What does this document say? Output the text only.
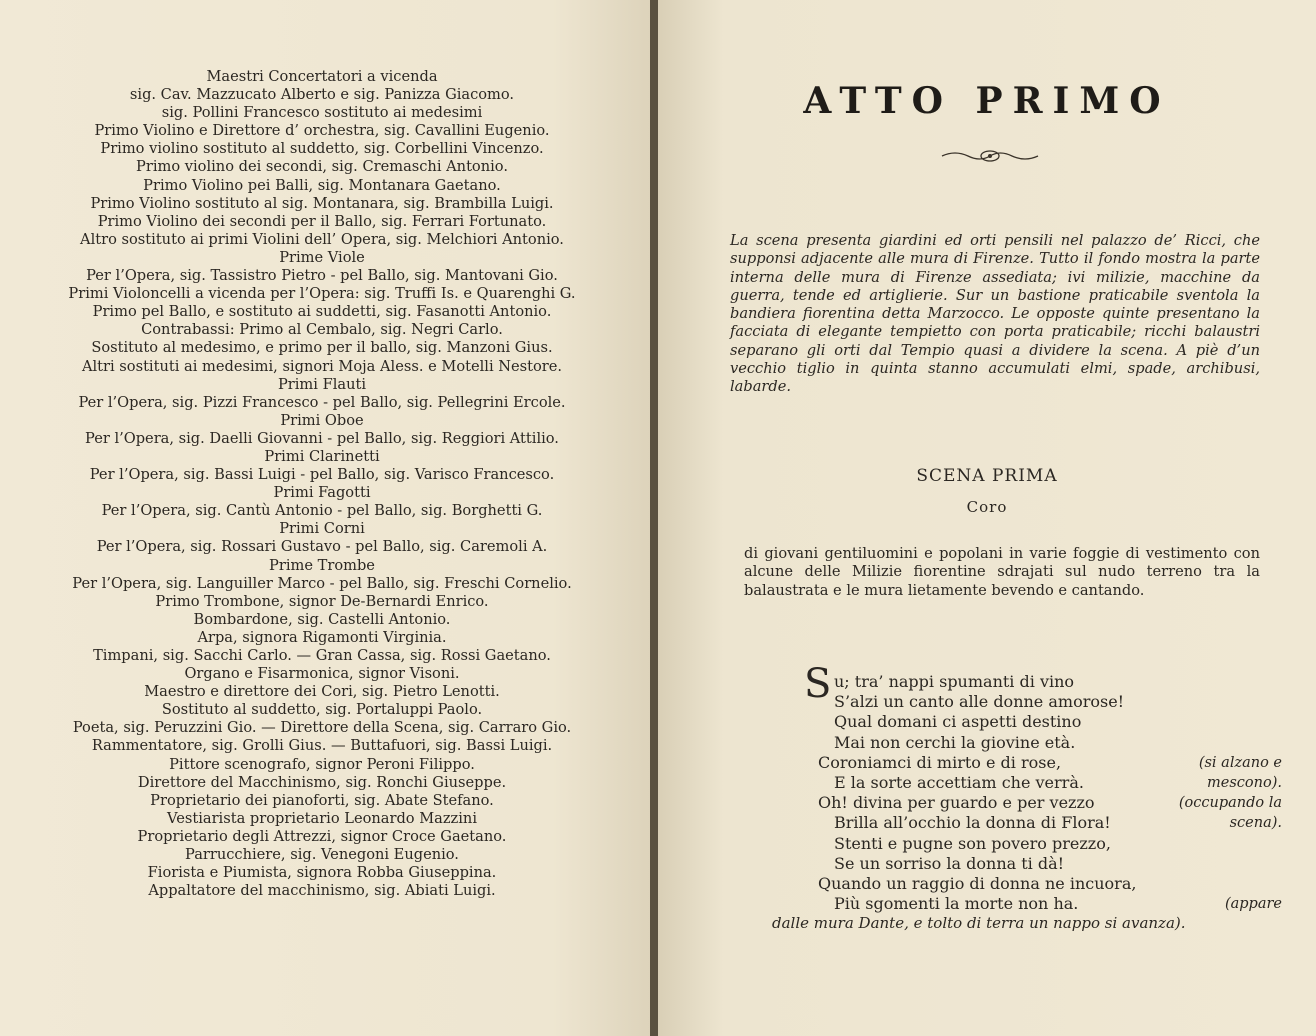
Maestri Concertatori a vicenda
sig. Cav. Mazzucato Alberto e sig. Panizza Giacomo.
sig. Pollini Francesco sostituto ai medesimi
Primo Violino e Direttore d’ orchestra, sig. Cavallini Eugenio.
Primo violino sostituto al suddetto, sig. Corbellini Vincenzo.
Primo violino dei secondi, sig. Cremaschi Antonio.
Primo Violino pei Balli, sig. Montanara Gaetano.
Primo Violino sostituto al sig. Montanara, sig. Brambilla Luigi.
Primo Violino dei secondi per il Ballo, sig. Ferrari Fortunato.
Altro sostituto ai primi Violini dell’ Opera, sig. Melchiori Antonio.
Prime Viole
Per l’Opera, sig. Tassistro Pietro - pel Ballo, sig. Mantovani Gio.
Primi Violoncelli a vicenda per l’Opera: sig. Truffi Is. e Quarenghi G.
Primo pel Ballo, e sostituto ai suddetti, sig. Fasanotti Antonio.
Contrabassi: Primo al Cembalo, sig. Negri Carlo.
Sostituto al medesimo, e primo per il ballo, sig. Manzoni Gius.
Altri sostituti ai medesimi, signori Moja Aless. e Motelli Nestore.
Primi Flauti
Per l’Opera, sig. Pizzi Francesco - pel Ballo, sig. Pellegrini Ercole.
Primi Oboe
Per l’Opera, sig. Daelli Giovanni - pel Ballo, sig. Reggiori Attilio.
Primi Clarinetti
Per l’Opera, sig. Bassi Luigi - pel Ballo, sig. Varisco Francesco.
Primi Fagotti
Per l’Opera, sig. Cantù Antonio - pel Ballo, sig. Borghetti G.
Primi Corni
Per l’Opera, sig. Rossari Gustavo - pel Ballo, sig. Caremoli A.
Prime Trombe
Per l’Opera, sig. Languiller Marco - pel Ballo, sig. Freschi Cornelio.
Primo Trombone, signor De-Bernardi Enrico.
Bombardone, sig. Castelli Antonio.
Arpa, signora Rigamonti Virginia.
Timpani, sig. Sacchi Carlo. — Gran Cassa, sig. Rossi Gaetano.
Organo e Fisarmonica, signor Visoni.
Maestro e direttore dei Cori, sig. Pietro Lenotti.
Sostituto al suddetto, sig. Portaluppi Paolo.
Poeta, sig. Peruzzini Gio. — Direttore della Scena, sig. Carraro Gio.
Rammentatore, sig. Grolli Gius. — Buttafuori, sig. Bassi Luigi.
Pittore scenografo, signor Peroni Filippo.
Direttore del Macchinismo, sig. Ronchi Giuseppe.
Proprietario dei pianoforti, sig. Abate Stefano.
Vestiarista proprietario Leonardo Mazzini
Proprietario degli Attrezzi, signor Croce Gaetano.
Parrucchiere, sig. Venegoni Eugenio.
Fiorista e Piumista, signora Robba Giuseppina.
Appaltatore del macchinismo, sig. Abiati Luigi.
ATTO PRIMO
La scena presenta giardini ed orti pensili nel palazzo de’ Ricci, che supponsi adjacente alle mura di Firenze. Tutto il fondo mostra la parte interna delle mura di Firenze assediata; ivi milizie, macchine da guerra, tende ed artiglierie. Sur un bastione praticabile sventola la bandiera fiorentina detta Marzocco. Le opposte quinte presentano la facciata di elegante tempietto con porta praticabile; ricchi balaustri separano gli orti dal Tempio quasi a dividere la scena. A piè d’un vecchio tiglio in quinta stanno accumulati elmi, spade, archibusi, labarde.
SCENA PRIMA
Coro
di giovani gentiluomini e popolani in varie foggie di vestimento con alcune delle Milizie fiorentine sdrajati sul nudo terreno tra la balaustrata e le mura lietamente bevendo e cantando.
S u; tra’ nappi spumanti di vino
S’alzi un canto alle donne amorose!
Qual domani ci aspetti destino
Mai non cerchi la giovine età.
Coroniamci di mirto e di rose,	(si alzano e
E la sorte accettiam che verrà.	mescono).
Oh! divina per guardo e per vezzo	(occupando la
Brilla all’occhio la donna di Flora!	scena).
Stenti e pugne son povero prezzo,
Se un sorriso la donna ti dà!
Quando un raggio di donna ne incuora,
Più sgomenti la morte non ha.	(appare
dalle mura Dante, e tolto di terra un nappo si avanza).
